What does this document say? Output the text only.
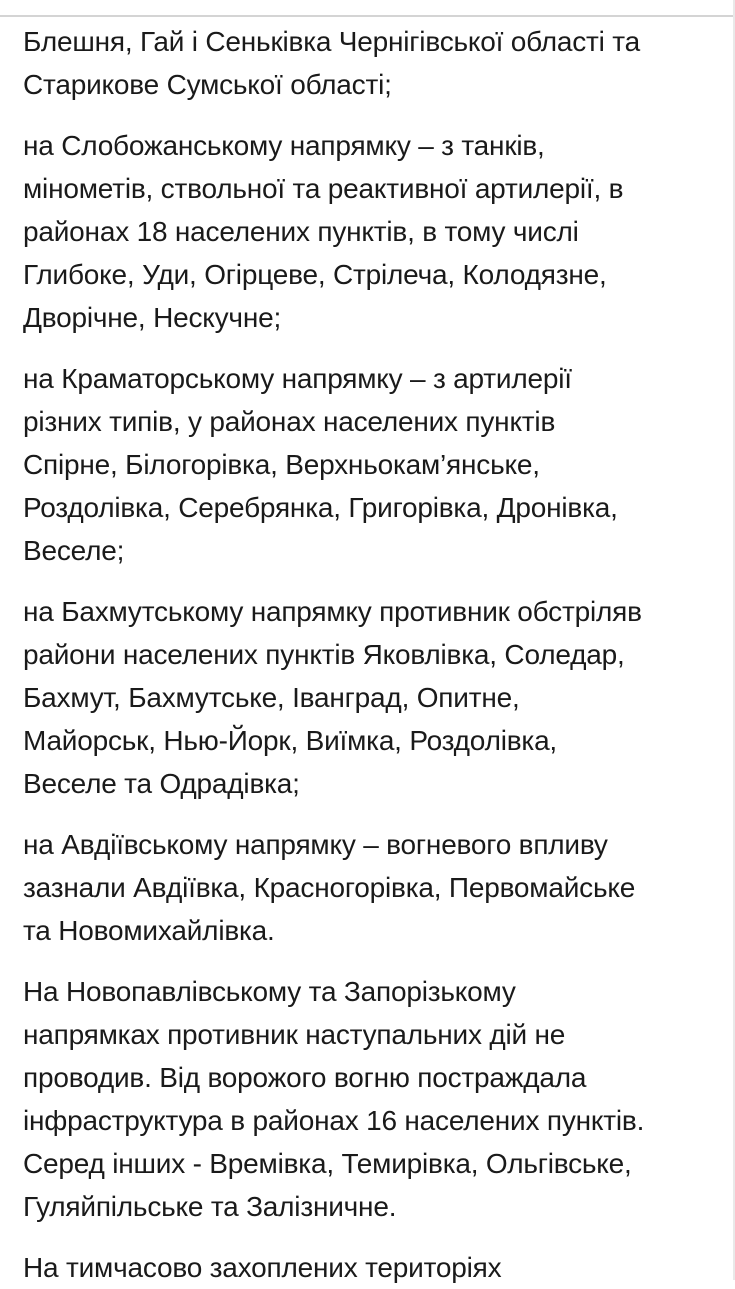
Блешня, Гай і Сеньківка Чернігівської області та
Старикове Сумської області;
на Слобожанському напрямку – з танків,
мінометів, ствольної та реактивної артилерії, в
районах 18 населених пунктів, в тому числі
Глибоке, Уди, Огірцеве, Стрілеча, Колодязне,
Дворічне, Нескучне;
на Краматорському напрямку – з артилерії
різних типів, у районах населених пунктів
Спірне, Білогорівка, Верхньокам’янське,
Роздолівка, Серебрянка, Григорівка, Дронівка,
Веселе;
на Бахмутському напрямку противник обстріляв
райони населених пунктів Яковлівка, Соледар,
Бахмут, Бахмутське, Іванград, Опитне,
Майорськ, Нью-Йорк, Виїмка, Роздолівка,
Веселе та Одрадівка;
на Авдіївському напрямку – вогневого впливу
зазнали Авдіївка, Красногорівка, Первомайське
та Новомихайлівка.
На Новопавлівському та Запорізькому
напрямках противник наступальних дій не
проводив. Від ворожого вогню постраждала
інфраструктура в районах 16 населених пунктів.
Серед інших - Времівка, Темирівка, Ольгівське,
Гуляйпільське та Залізничне.
На тимчасово захоплених територіях
